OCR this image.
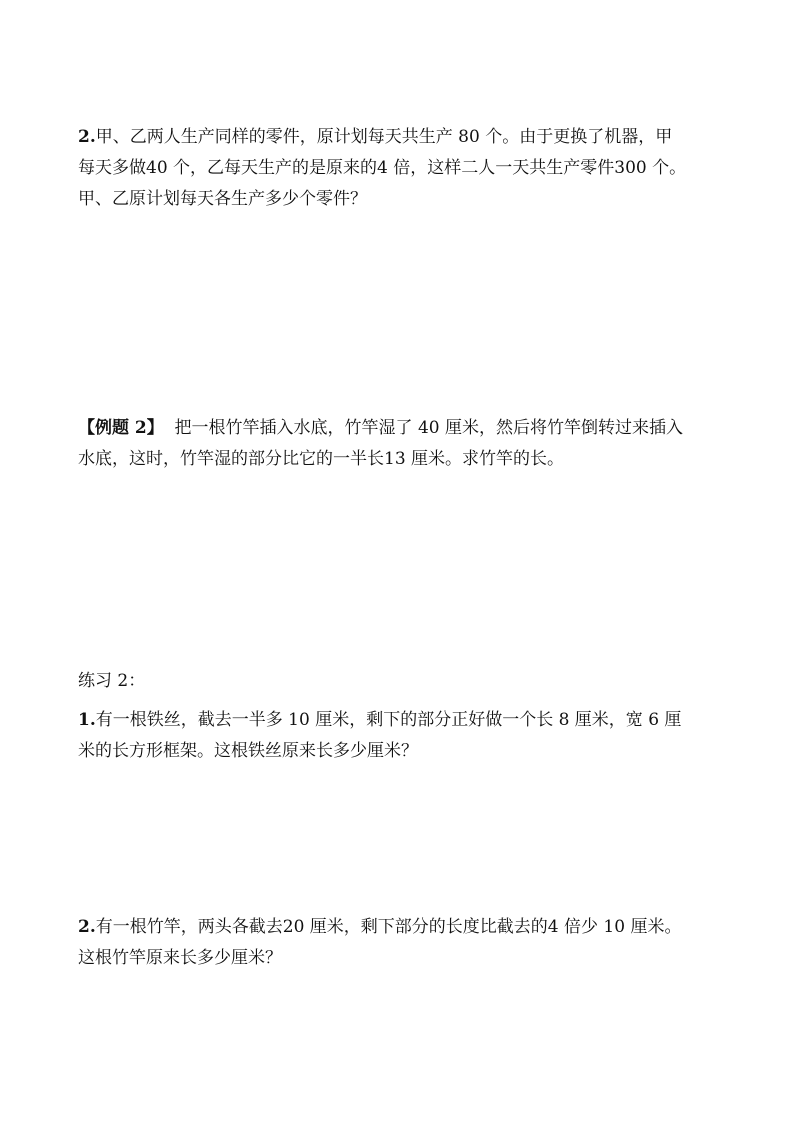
2.甲、乙两人生产同样的零件，原计划每天共生产 80 个。由于更换了机器，甲
每天多做40 个，乙每天生产的是原来的4 倍，这样二人一天共生产零件300 个。
甲、乙原计划每天各生产多少个零件？
【例题 2】  把一根竹竿插入水底，竹竿湿了 40 厘米，然后将竹竿倒转过来插入
水底，这时，竹竿湿的部分比它的一半长13 厘米。求竹竿的长。
练习 2：
1.有一根铁丝，截去一半多 10 厘米，剩下的部分正好做一个长 8 厘米，宽 6 厘
米的长方形框架。这根铁丝原来长多少厘米？
2.有一根竹竿，两头各截去20 厘米，剩下部分的长度比截去的4 倍少 10 厘米。
这根竹竿原来长多少厘米？
